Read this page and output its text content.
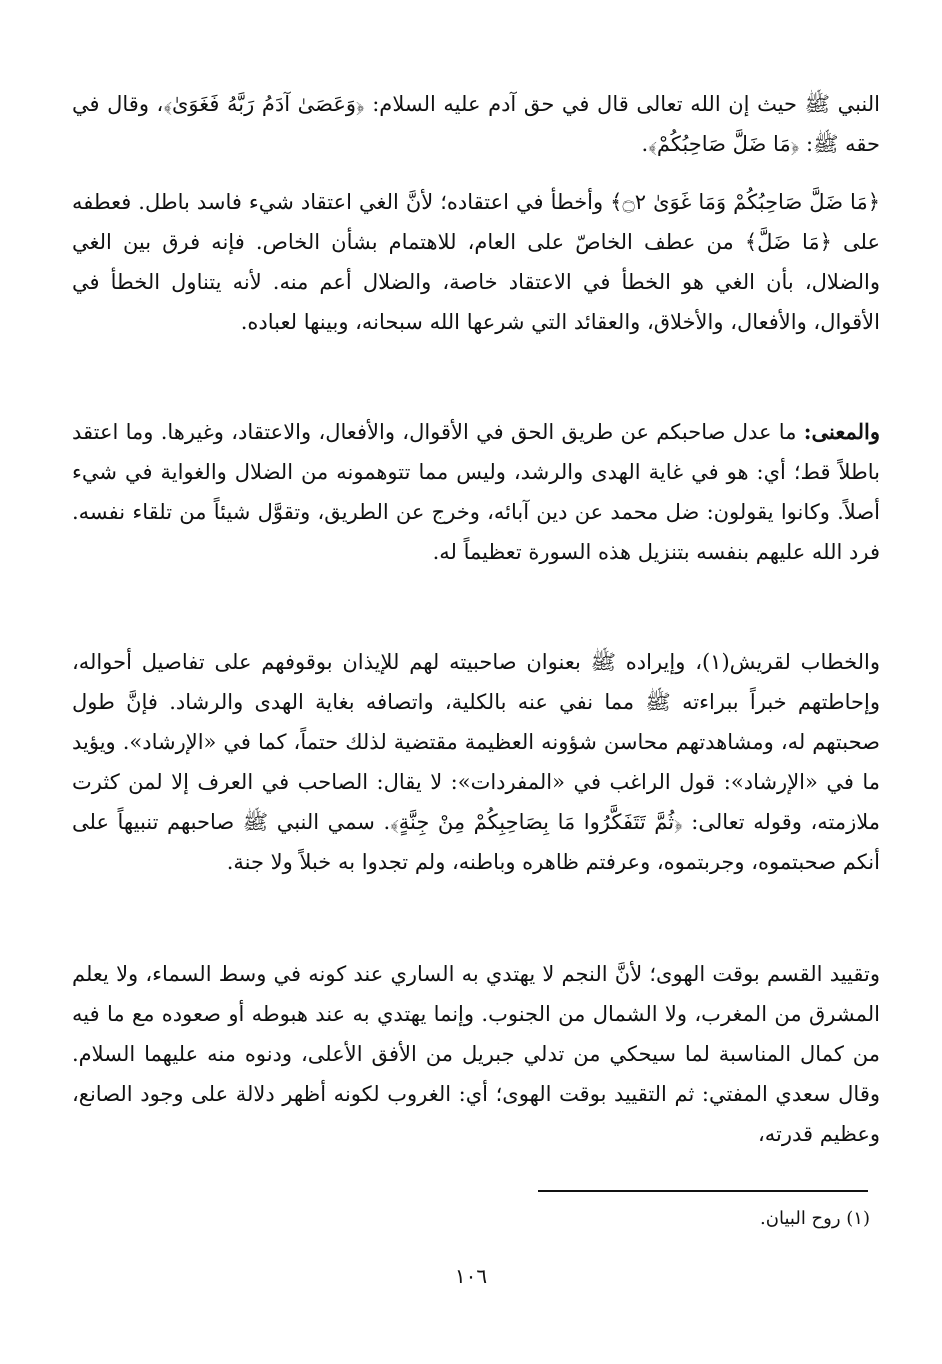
النبي ﷺ حيث إن الله تعالى قال في حق آدم عليه السلام: ﴿وَعَصَىٰ آدَمُ رَبَّهُ فَغَوَىٰ﴾، وقال في حقه ﷺ: ﴿مَا ضَلَّ صَاحِبُكُمْ﴾.

﴿مَا ضَلَّ صَاحِبُكُمْ وَمَا غَوَىٰ ۝٢﴾ وأخطأ في اعتقاده؛ لأنَّ الغي اعتقاد شيء فاسد باطل. فعطفه على ﴿مَا ضَلَّ﴾ من عطف الخاصّ على العام، للاهتمام بشأن الخاص. فإنه فرق بين الغي والضلال، بأن الغي هو الخطأ في الاعتقاد خاصة، والضلال أعم منه. لأنه يتناول الخطأ في الأقوال، والأفعال، والأخلاق، والعقائد التي شرعها الله سبحانه، وبينها لعباده.

والمعنى: ما عدل صاحبكم عن طريق الحق في الأقوال، والأفعال، والاعتقاد، وغيرها. وما اعتقد باطلاً قط؛ أي: هو في غاية الهدى والرشد، وليس مما تتوهمونه من الضلال والغواية في شيء أصلاً. وكانوا يقولون: ضل محمد عن دين آبائه، وخرج عن الطريق، وتقوَّل شيئاً من تلقاء نفسه. فرد الله عليهم بنفسه بتنزيل هذه السورة تعظيماً له.

والخطاب لقريش(١)، وإيراده ﷺ بعنوان صاحبيته لهم للإيذان بوقوفهم على تفاصيل أحواله، وإحاطتهم خبراً ببراءته ﷺ مما نفي عنه بالكلية، واتصافه بغاية الهدى والرشاد. فإنَّ طول صحبتهم له، ومشاهدتهم محاسن شؤونه العظيمة مقتضية لذلك حتماً، كما في «الإرشاد». ويؤيد ما في «الإرشاد»: قول الراغب في «المفردات»: لا يقال: الصاحب في العرف إلا لمن كثرت ملازمته، وقوله تعالى: ﴿ثُمَّ تَتَفَكَّرُوا مَا بِصَاحِبِكُمْ مِنْ جِنَّةٍ﴾. سمي النبي ﷺ صاحبهم تنبيهاً على أنكم صحبتموه، وجربتموه، وعرفتم ظاهره وباطنه، ولم تجدوا به خبلاً ولا جنة.

وتقييد القسم بوقت الهوى؛ لأنَّ النجم لا يهتدي به الساري عند كونه في وسط السماء، ولا يعلم المشرق من المغرب، ولا الشمال من الجنوب. وإنما يهتدي به عند هبوطه أو صعوده مع ما فيه من كمال المناسبة لما سيحكي من تدلي جبريل من الأفق الأعلى، ودنوه منه عليهما السلام. وقال سعدي المفتي: ثم التقييد بوقت الهوى؛ أي: الغروب لكونه أظهر دلالة على وجود الصانع، وعظيم قدرته،

(١) روح البيان.
١٠٦
